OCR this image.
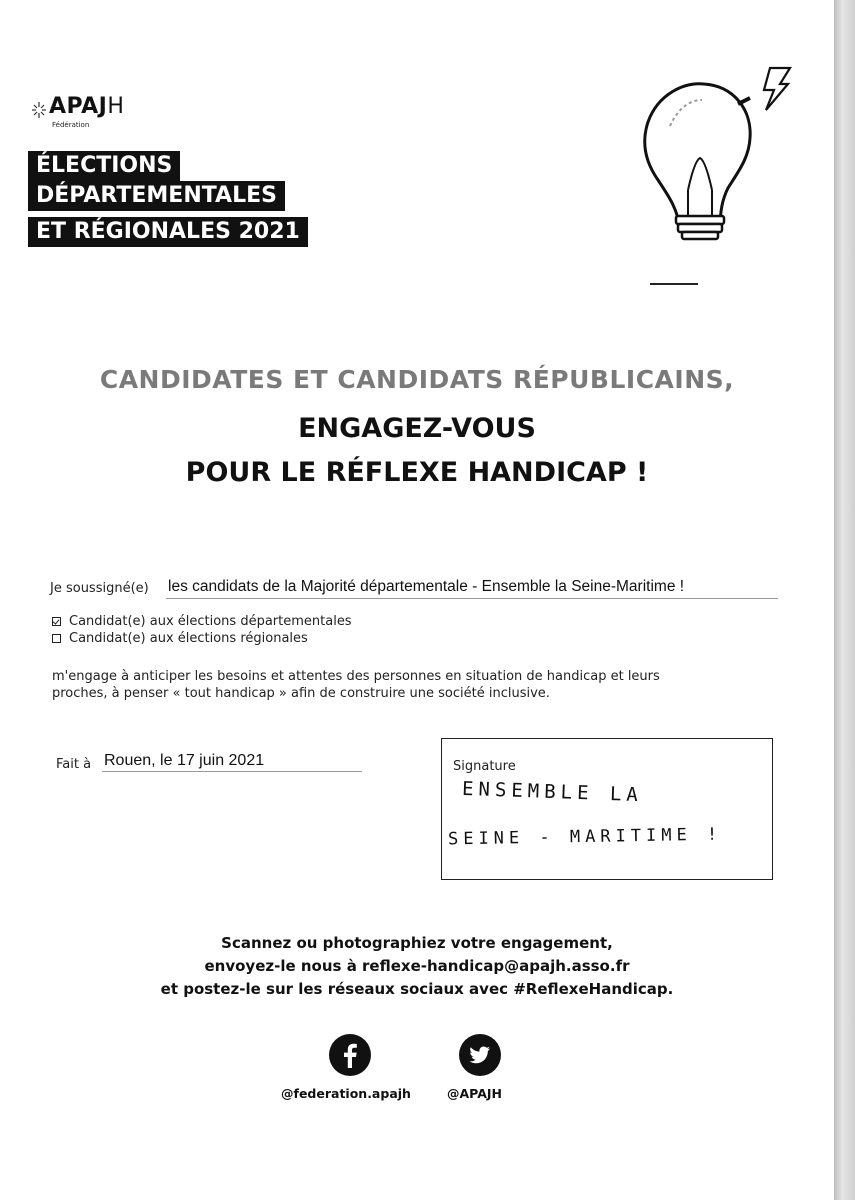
APAJH
Fédération
ÉLECTIONS
DÉPARTEMENTALES
ET RÉGIONALES 2021
CANDIDATES ET CANDIDATS RÉPUBLICAINS,
ENGAGEZ-VOUS
POUR LE RÉFLEXE HANDICAP !
Je soussigné(e) les candidats de la Majorité départementale - Ensemble la Seine-Maritime !
Candidat(e) aux élections départementales
Candidat(e) aux élections régionales
m'engage à anticiper les besoins et attentes des personnes en situation de handicap et leurs
proches, à penser « tout handicap » afin de construire une société inclusive.
Fait à Rouen, le 17 juin 2021	Signature
ENSEMBLE LA
SEINE - MARITIME !
Scannez ou photographiez votre engagement,
envoyez-le nous à reflexe-handicap@apajh.asso.fr
et postez-le sur les réseaux sociaux avec #ReflexeHandicap.
@federation.apajh	@APAJH
